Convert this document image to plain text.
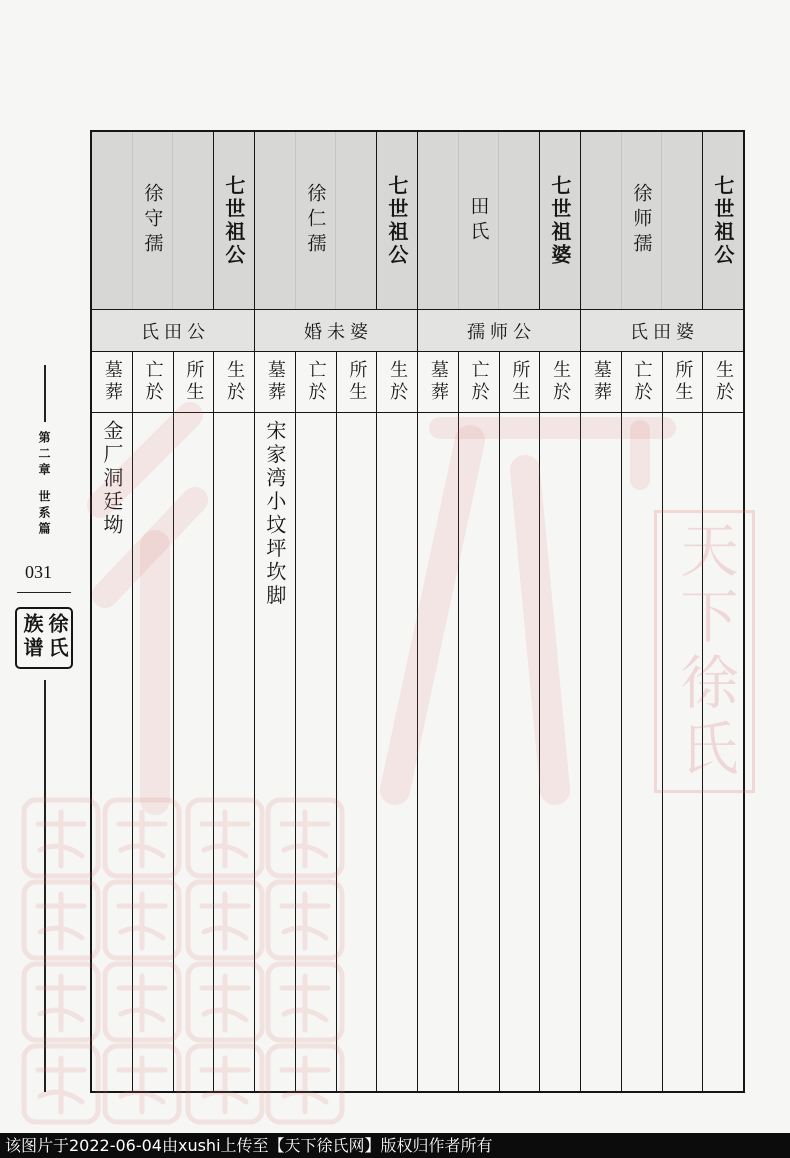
第二章
世系篇
031
徐氏族谱
徐守孺	七世祖公
氏田公
墓葬 亡於 所生 生於
金厂洞廷坳
徐仁孺	七世祖公
婚未婆
墓葬 亡於 所生 生於
宋家湾小坟坪坎脚
田氏	七世祖婆
孺师公
墓葬 亡於 所生 生於
徐师孺	七世祖公
氏田婆
墓葬 亡於 所生 生於
天下徐氏
该图片于2022-06-04由xushi上传至【天下徐氏网】版权归作者所有
